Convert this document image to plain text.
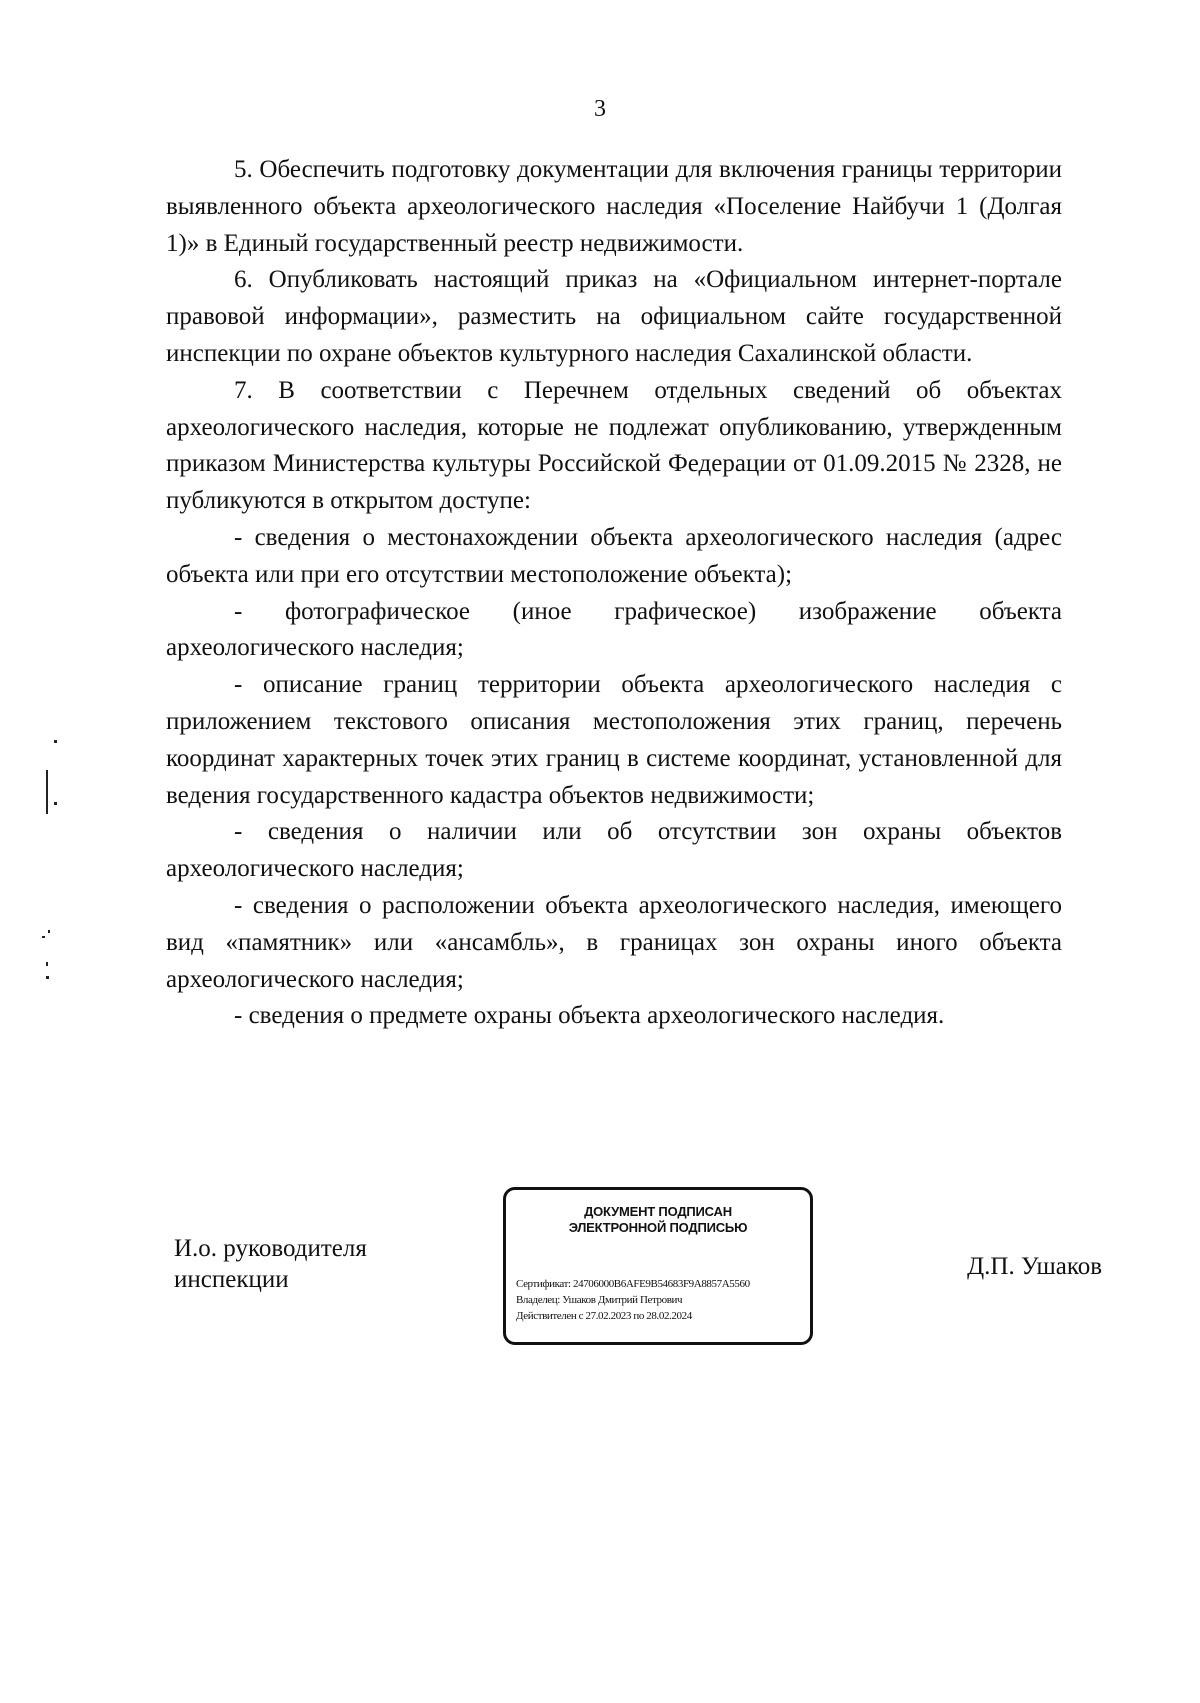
3

5. Обеспечить подготовку документации для включения границы территории выявленного объекта археологического наследия «Поселение Найбучи 1 (Долгая 1)» в Единый государственный реестр недвижимости.

6. Опубликовать настоящий приказ на «Официальном интернет-портале правовой информации», разместить на официальном сайте государственной инспекции по охране объектов культурного наследия Сахалинской области.

7. В соответствии с Перечнем отдельных сведений об объектах археологического наследия, которые не подлежат опубликованию, утвержденным приказом Министерства культуры Российской Федерации от 01.09.2015 № 2328, не публикуются в открытом доступе:

- сведения о местонахождении объекта археологического наследия (адрес объекта или при его отсутствии местоположение объекта);

- фотографическое (иное графическое) изображение объекта археологического наследия;

- описание границ территории объекта археологического наследия с приложением текстового описания местоположения этих границ, перечень координат характерных точек этих границ в системе координат, установленной для ведения государственного кадастра объектов недвижимости;

- сведения о наличии или об отсутствии зон охраны объектов археологического наследия;

- сведения о расположении объекта археологического наследия, имеющего вид «памятник» или «ансамбль», в границах зон охраны иного объекта археологического наследия;

- сведения о предмете охраны объекта археологического наследия.

И.о. руководителя
инспекции
ДОКУМЕНТ ПОДПИСАН
ЭЛЕКТРОННОЙ ПОДПИСЬЮ
Сертификат: 24706000B6AFE9B54683F9A8857A5560
Владелец: Ушаков Дмитрий Петрович
Действителен с 27.02.2023 по 28.02.2024
Д.П. Ушаков
